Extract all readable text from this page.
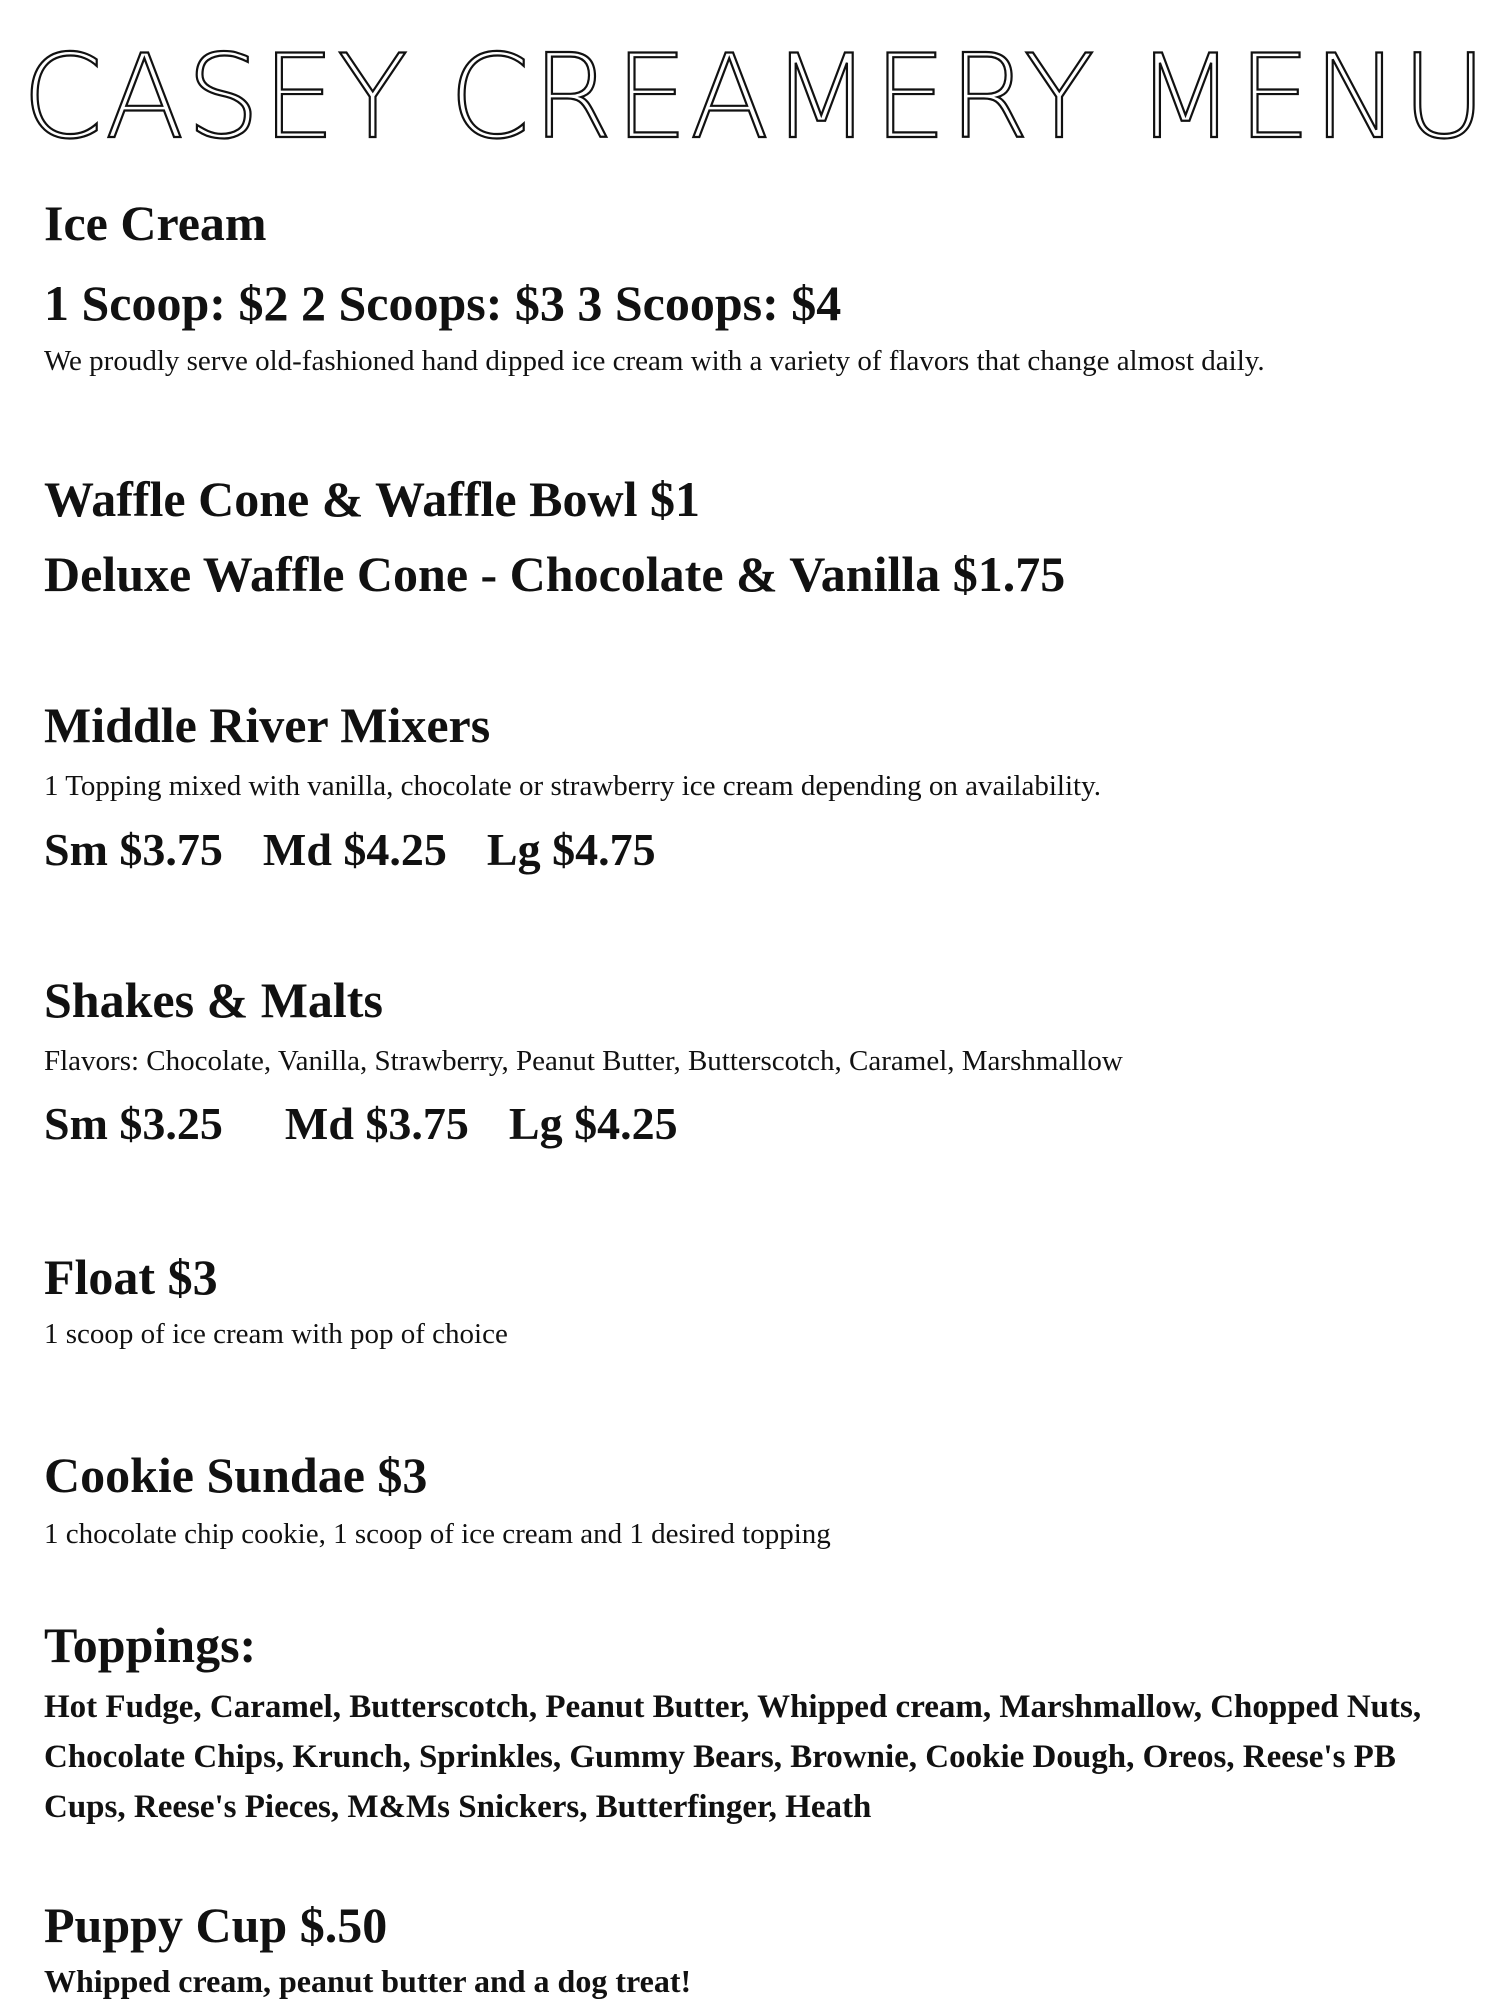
CASEY CREAMERY MENU
Ice Cream
1 Scoop: $2 2 Scoops: $3 3 Scoops: $4
We proudly serve old-fashioned hand dipped ice cream with a variety of flavors that change almost daily.
Waffle Cone & Waffle Bowl $1
Deluxe Waffle Cone - Chocolate & Vanilla $1.75
Middle River Mixers
1 Topping mixed with vanilla, chocolate or strawberry ice cream depending on availability.
Sm $3.75 Md $4.25 Lg $4.75
Shakes & Malts
Flavors: Chocolate, Vanilla, Strawberry, Peanut Butter, Butterscotch, Caramel, Marshmallow
Sm $3.25 Md $3.75 Lg $4.25
Float $3
1 scoop of ice cream with pop of choice
Cookie Sundae $3
1 chocolate chip cookie, 1 scoop of ice cream and 1 desired topping
Toppings:
Hot Fudge, Caramel, Butterscotch, Peanut Butter, Whipped cream, Marshmallow, Chopped Nuts, Chocolate Chips, Krunch, Sprinkles, Gummy Bears, Brownie, Cookie Dough, Oreos, Reese's PB Cups, Reese's Pieces, M&Ms Snickers, Butterfinger, Heath
Puppy Cup $.50
Whipped cream, peanut butter and a dog treat!
